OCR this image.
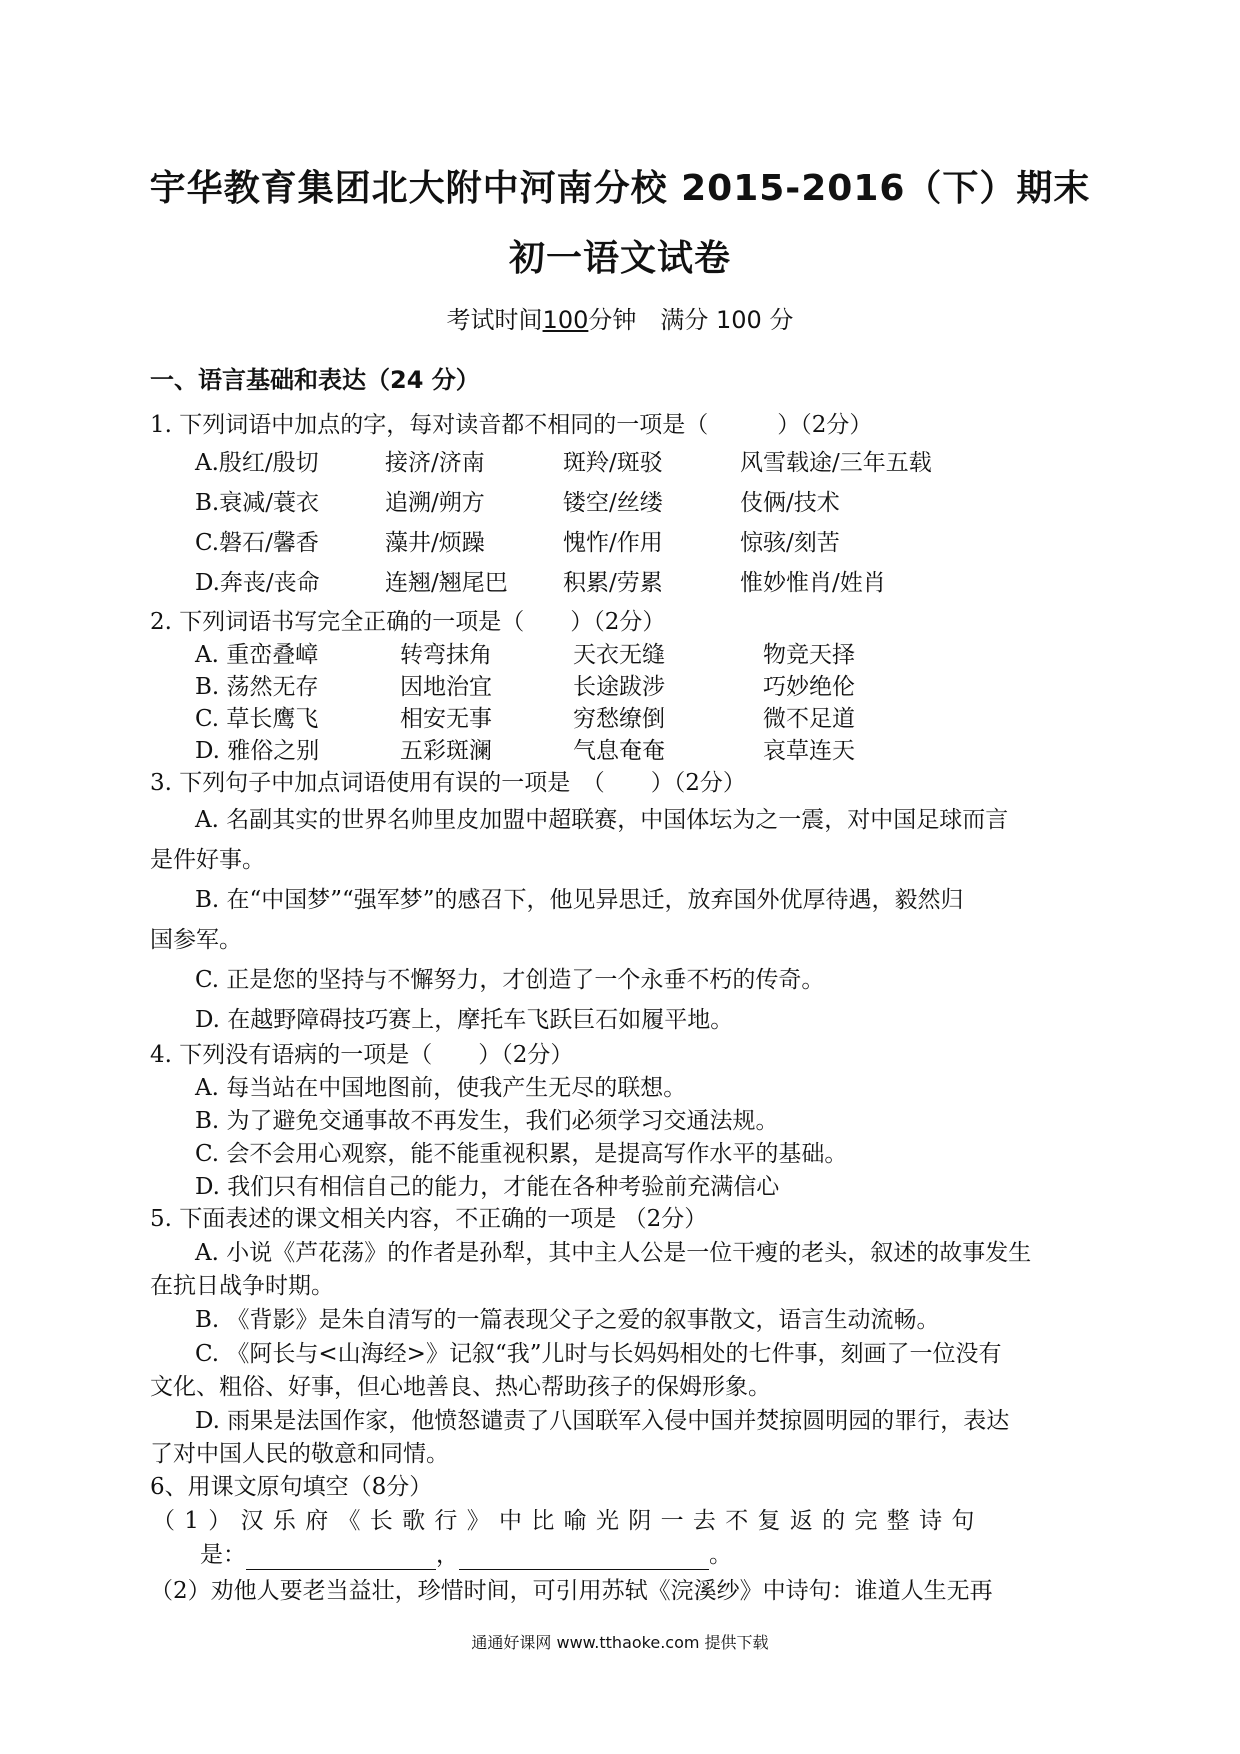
宇华教育集团北大附中河南分校 2015-2016（下）期末
初一语文试卷
考试时间100分钟　满分 100 分
一、语言基础和表达（24 分）
1. 下列词语中加点的字，每对读音都不相同的一项是（　　　）（2分）
A.殷红/殷切	接济/济南	斑羚/斑驳	风雪载途/三年五载
B.衰减/蓑衣	追溯/朔方	镂空/丝缕	伎俩/技术
C.磐石/馨香	藻井/烦躁	愧怍/作用	惊骇/刻苦
D.奔丧/丧命	连翘/翘尾巴 积累/劳累	惟妙惟肖/姓肖
2. 下列词语书写完全正确的一项是（　　）（2分）
A. 重峦叠嶂	转弯抹角	天衣无缝	物竞天择
B. 荡然无存	因地治宜	长途跋涉	巧妙绝伦
C. 草长鹰飞	相安无事	穷愁缭倒	微不足道
D. 雅俗之别	五彩斑澜	气息奄奄	哀草连天
3. 下列句子中加点词语使用有误的一项是　（　　）（2分）
A. 名副其实的世界名帅里皮加盟中超联赛，中国体坛为之一震，对中国足球而言
是件好事。
B. 在“中国梦”“强军梦”的感召下，他见异思迁，放弃国外优厚待遇，毅然归
国参军。
C. 正是您的坚持与不懈努力，才创造了一个永垂不朽的传奇。
D. 在越野障碍技巧赛上，摩托车飞跃巨石如履平地。
4. 下列没有语病的一项是（　　）（2分）
A. 每当站在中国地图前，使我产生无尽的联想。
B. 为了避免交通事故不再发生，我们必须学习交通法规。
C. 会不会用心观察，能不能重视积累，是提高写作水平的基础。
D. 我们只有相信自己的能力，才能在各种考验前充满信心
5. 下面表述的课文相关内容，不正确的一项是 （2分）
A. 小说《芦花荡》的作者是孙犁，其中主人公是一位干瘦的老头，叙述的故事发生
在抗日战争时期。
B. 《背影》是朱自清写的一篇表现父子之爱的叙事散文，语言生动流畅。
C. 《阿长与<山海经>》记叙“我”儿时与长妈妈相处的七件事，刻画了一位没有
文化、粗俗、好事，但心地善良、热心帮助孩子的保姆形象。
D. 雨果是法国作家，他愤怒谴责了八国联军入侵中国并焚掠圆明园的罪行，表达
了对中国人民的敬意和同情。
6、用课文原句填空（8分）
（ 1 ） 汉 乐 府 《 长 歌 行 》 中 比 喻 光 阴 一 去 不 复 返 的 完 整 诗 句
是：	，	。
（2）劝他人要老当益壮，珍惜时间，可引用苏轼《浣溪纱》中诗句：谁道人生无再
通通好课网 www.tthaoke.com 提供下载
